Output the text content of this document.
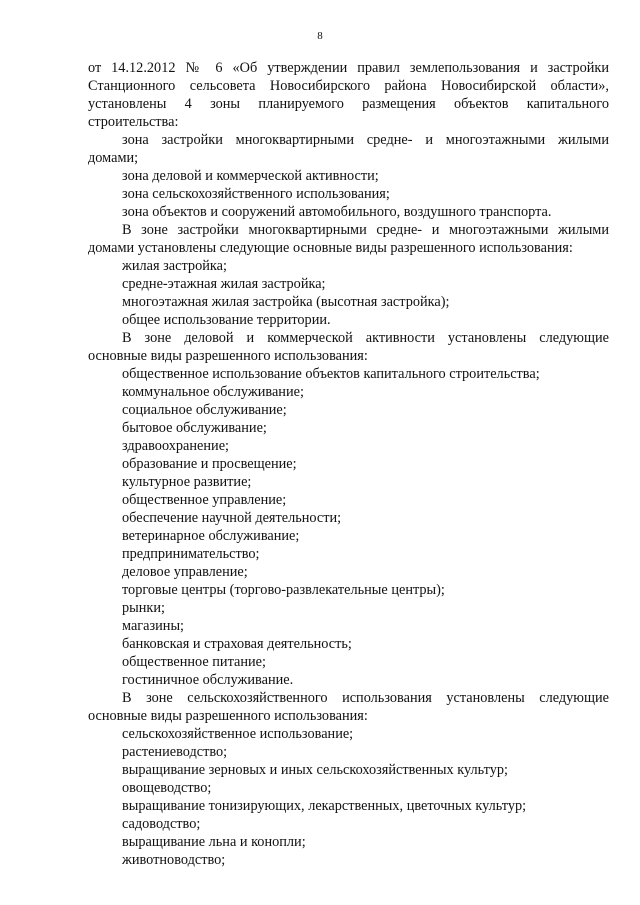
8
от 14.12.2012 № 6 «Об утверждении правил землепользования и застройки
Станционного сельсовета Новосибирского района Новосибирской области»,
установлены 4 зоны планируемого размещения объектов капитального
строительства:
зона застройки многоквартирными средне- и многоэтажными жилыми
домами;
зона деловой и коммерческой активности;
зона сельскохозяйственного использования;
зона объектов и сооружений автомобильного, воздушного транспорта.
В зоне застройки многоквартирными средне- и многоэтажными жилыми
домами установлены следующие основные виды разрешенного использования:
жилая застройка;
средне-этажная жилая застройка;
многоэтажная жилая застройка (высотная застройка);
общее использование территории.
В зоне деловой и коммерческой активности установлены следующие
основные виды разрешенного использования:
общественное использование объектов капитального строительства;
коммунальное обслуживание;
социальное обслуживание;
бытовое обслуживание;
здравоохранение;
образование и просвещение;
культурное развитие;
общественное управление;
обеспечение научной деятельности;
ветеринарное обслуживание;
предпринимательство;
деловое управление;
торговые центры (торгово-развлекательные центры);
рынки;
магазины;
банковская и страховая деятельность;
общественное питание;
гостиничное обслуживание.
В зоне сельскохозяйственного использования установлены следующие
основные виды разрешенного использования:
сельскохозяйственное использование;
растениеводство;
выращивание зерновых и иных сельскохозяйственных культур;
овощеводство;
выращивание тонизирующих, лекарственных, цветочных культур;
садоводство;
выращивание льна и конопли;
животноводство;
